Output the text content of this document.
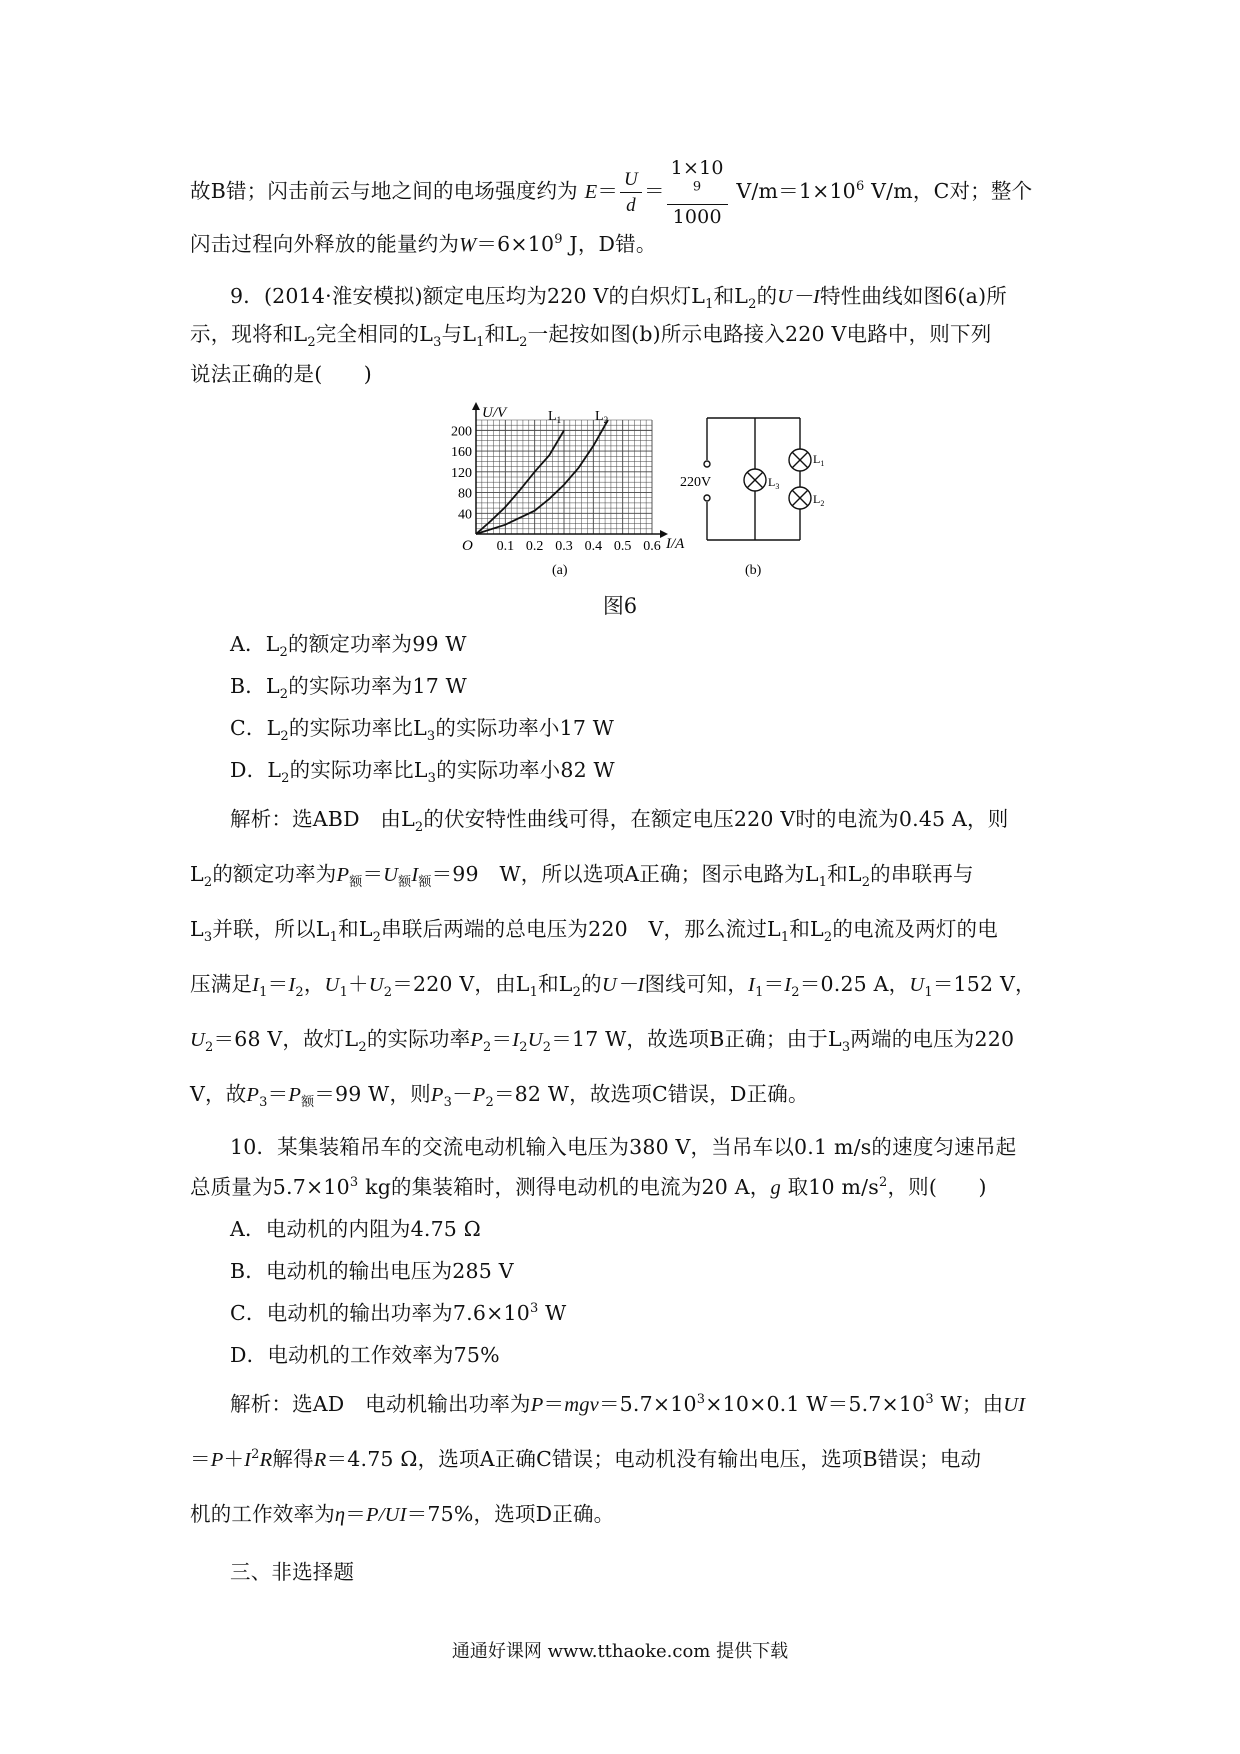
故B错；闪击前云与地之间的电场强度约为 $E= \frac{U}{d} = 1\times 10$
$^9$
1000 $V/m=1\times 10^6$ V/m，C对；整个
闪击过程向外释放的能量约为$W=6\times 10^9$ J，D错。
9．(2014·淮安模拟)额定电压均为220 V的白炽灯$L_1$和$L_2$的U－I特性曲线如图6(a)所
示，现将和$L_2$完全相同的$L_3$与$L_1$和$L_2$一起按如图(b)所示电路接入220 V电路中，则下列
说法正确的是(　　)
200
160
120
80
40
0.1 0.2 0.3 0.4 0.5 0.6
U/V
I/A
O
$L_1$ $L_2$
(a)
220V	$L_3$
$L_1$
$L_2$
(b)
图6
A．$L_2$的额定功率为99 W
B．$L_2$的实际功率为17 W
C．$L_2$的实际功率比$L_3$的实际功率小17 W
D．$L_2$的实际功率比$L_3$的实际功率小82 W
解析：选ABD　由$L_2$的伏安特性曲线可得，在额定电压220 V时的电流为0.45 A，则
$L_2$的额定功率为$P_额=U_额I_额=99$　W，所以选项A正确；图示电路为$L_1$和$L_2$的串联再与
$L_3$并联，所以$L_1$和$L_2$串联后两端的总电压为220　V，那么流过$L_1$和$L_2$的电流及两灯的电
压满足$I_1=I_2$，$U_1+U_2=220$ V，由$L_1$和$L_2$的U－I图线可知，$I_1=I_2=0.25$ A，$U_1=152$ V，
$U_2=68$ V，故灯$L_2$的实际功率$P_2=I_2U_2=17$ W，故选项B正确；由于$L_3$两端的电压为220
V，故$P_3=P_额=99$ W，则$P_3-P_2=82$ W，故选项C错误，D正确。
10．某集装箱吊车的交流电动机输入电压为380 V，当吊车以0.1 m/s的速度匀速吊起
总质量为$5.7\times 10^3$ kg的集装箱时，测得电动机的电流为20 A，g 取10 $m/s^2$，则(　　)
A．电动机的内阻为4.75 Ω
B．电动机的输出电压为285 V
C．电动机的输出功率为$7.6\times 10^3$ W
D．电动机的工作效率为75%
解析：选AD　电动机输出功率为$P=mgv=5.7\times 10^3\times 10\times 0.1$ $W=5.7\times 10^3$ W；由UI
$=P+I^2R$解得R＝4.75 Ω，选项A正确C错误；电动机没有输出电压，选项B错误；电动
机的工作效率为η＝P/UI＝75%，选项D正确。
三、非选择题
通通好课网 www.tthaoke.com 提供下载
